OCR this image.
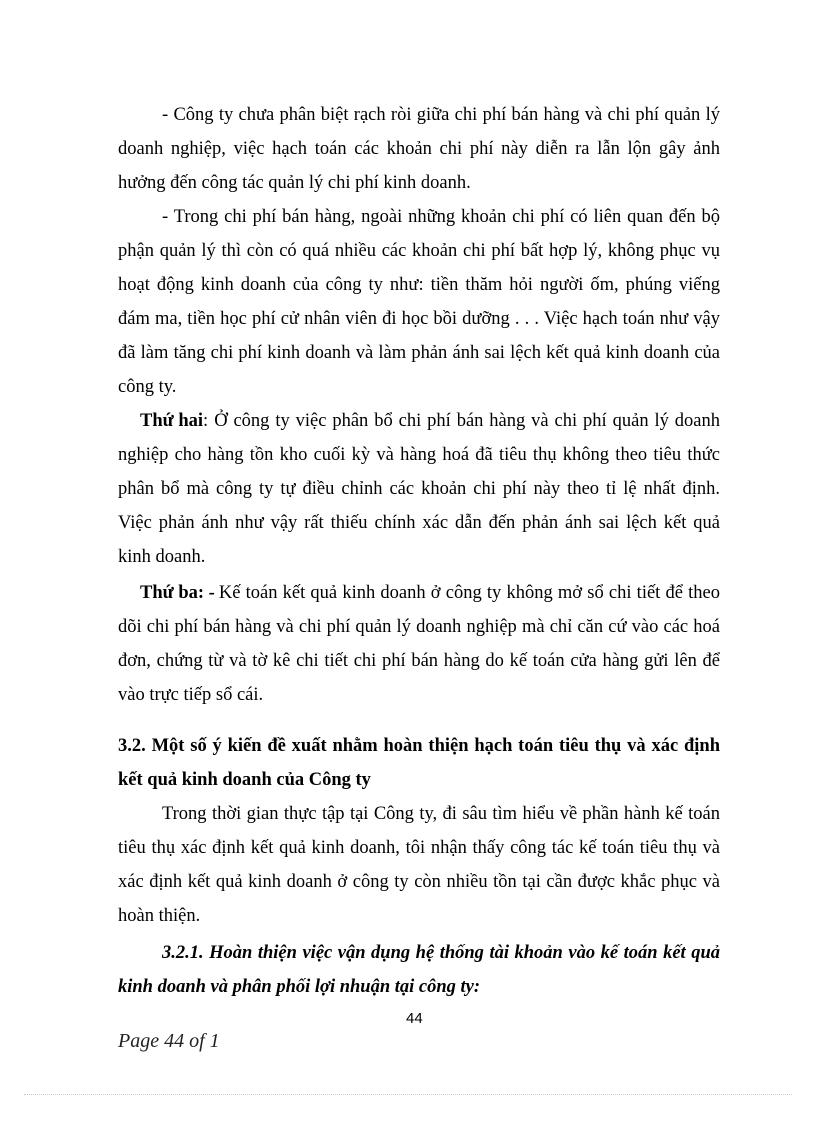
- Công ty chưa phân biệt rạch ròi giữa chi phí bán hàng và chi phí quản lý
doanh nghiệp, việc hạch toán các khoản chi phí này diễn ra lẫn lộn gây ảnh
hưởng đến công tác quản lý chi phí kinh doanh.
- Trong chi phí bán hàng, ngoài những khoản chi phí có liên quan đến bộ
phận quản lý thì còn có quá nhiều các khoản chi phí bất hợp lý, không phục vụ
hoạt động kinh doanh của công ty như: tiền thăm hỏi người ốm, phúng viếng
đám ma, tiền học phí cử nhân viên đi học bồi dưỡng . . . Việc hạch toán như vậy
đã làm tăng chi phí kinh doanh và làm phản ánh sai lệch kết quả kinh doanh của
công ty.
Thứ hai : Ở công ty việc phân bổ chi phí bán hàng và chi phí quản lý doanh
nghiệp cho hàng tồn kho cuối kỳ và hàng hoá đã tiêu thụ không theo tiêu thức
phân bổ mà công ty tự điều chỉnh các khoản chi phí này theo tỉ lệ nhất định.
Việc phản ánh như vậy rất thiếu chính xác dẫn đến phản ánh sai lệch kết quả
kinh doanh.
Thứ ba: - Kế toán kết quả kinh doanh ở công ty không mở sổ chi tiết để theo
dõi chi phí bán hàng và chi phí quản lý doanh nghiệp mà chỉ căn cứ vào các hoá
đơn, chứng từ và tờ kê chi tiết chi phí bán hàng do kế toán cửa hàng gửi lên để
vào trực tiếp sổ cái.
3.2. Một số ý kiến đề xuất nhằm hoàn thiện hạch toán tiêu thụ và xác định
kết quả kinh doanh của Công ty
Trong thời gian thực tập tại Công ty, đi sâu tìm hiểu về phần hành kế toán
tiêu thụ xác định kết quả kinh doanh, tôi nhận thấy công tác kế toán tiêu thụ và
xác định kết quả kinh doanh ở công ty còn nhiều tồn tại cần được khắc phục và
hoàn thiện.
3.2.1. Hoàn thiện việc vận dụng hệ thống tài khoản vào kế toán kết quả
kinh doanh và phân phối lợi nhuận tại công ty:
44
Page 44 of 1
